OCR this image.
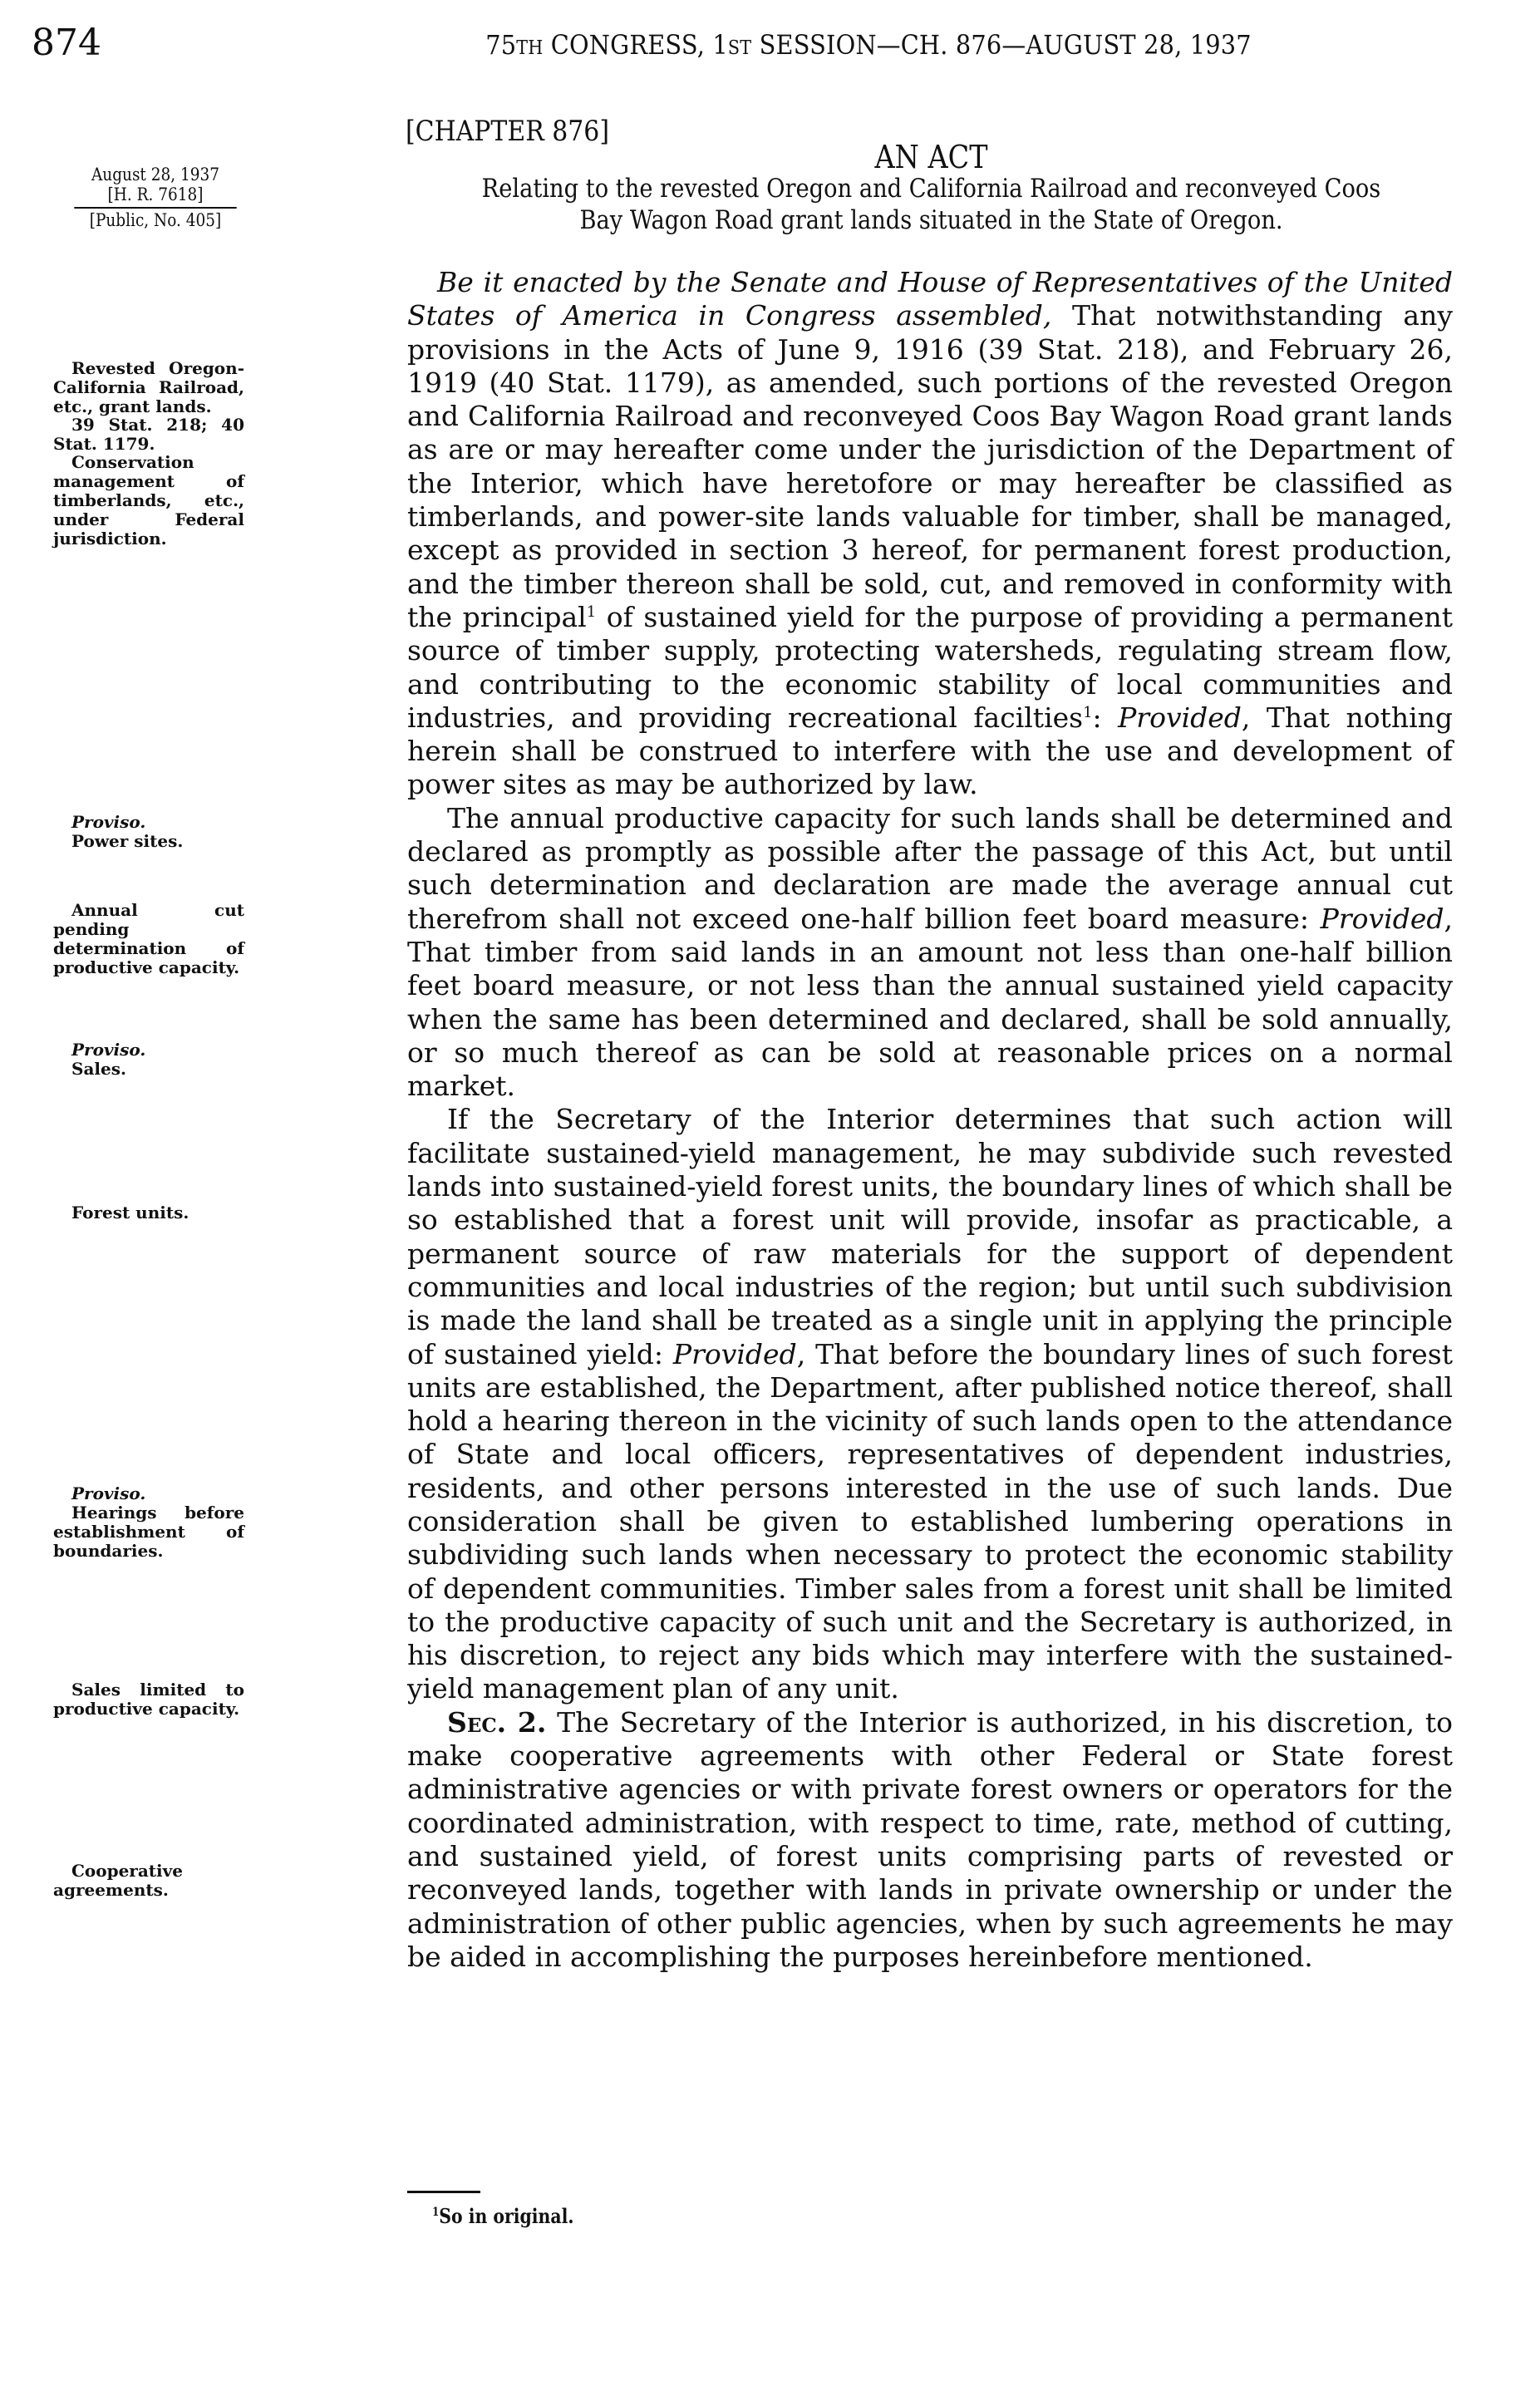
874	75TH CONGRESS, 1ST SESSION—CH. 876—AUGUST 28, 1937
[CHAPTER 876]
AN ACT
Relating to the revested Oregon and California Railroad and reconveyed Coos
Bay Wagon Road grant lands situated in the State of Oregon.
August 28, 1937
[H. R. 7618]
[Public, No. 405]
Revested Oregon-California Railroad, etc., grant lands.
39 Stat. 218; 40 Stat. 1179.
Conservation management of timberlands, etc., under Federal jurisdiction.
Proviso.
Power sites.
Annual cut pending determination of productive capacity.
Proviso.
Sales.
Forest units.
Proviso.
Hearings before establishment of boundaries.
Sales limited to productive capacity.
Cooperative agreements.

Be it enacted by the Senate and House of Representatives of the United States of America in Congress assembled, That notwithstanding any provisions in the Acts of June 9, 1916 (39 Stat. 218), and February 26, 1919 (40 Stat. 1179), as amended, such portions of the revested Oregon and California Railroad and reconveyed Coos Bay Wagon Road grant lands as are or may hereafter come under the jurisdiction of the Department of the Interior, which have heretofore or may hereafter be classified as timberlands, and power-site lands valuable for timber, shall be managed, except as provided in section 3 hereof, for permanent forest production, and the timber thereon shall be sold, cut, and removed in conformity with the principal$^1$ of sustained yield for the purpose of providing a permanent source of timber supply, protecting watersheds, regulating stream flow, and contributing to the economic stability of local communities and industries, and providing recreational facilties$^1$: Provided, That nothing herein shall be construed to interfere with the use and development of power sites as may be authorized by law.

The annual productive capacity for such lands shall be determined and declared as promptly as possible after the passage of this Act, but until such determination and declaration are made the average annual cut therefrom shall not exceed one-half billion feet board measure: Provided, That timber from said lands in an amount not less than one-half billion feet board measure, or not less than the annual sustained yield capacity when the same has been determined and declared, shall be sold annually, or so much thereof as can be sold at reasonable prices on a normal market.

If the Secretary of the Interior determines that such action will facilitate sustained-yield management, he may subdivide such revested lands into sustained-yield forest units, the boundary lines of which shall be so established that a forest unit will provide, insofar as practicable, a permanent source of raw materials for the support of dependent communities and local industries of the region; but until such subdivision is made the land shall be treated as a single unit in applying the principle of sustained yield: Provided, That before the boundary lines of such forest units are established, the Department, after published notice thereof, shall hold a hearing thereon in the vicinity of such lands open to the attendance of State and local officers, representatives of dependent industries, residents, and other persons interested in the use of such lands. Due consideration shall be given to established lumbering operations in subdividing such lands when necessary to protect the economic stability of dependent communities. Timber sales from a forest unit shall be limited to the productive capacity of such unit and the Secretary is authorized, in his discretion, to reject any bids which may interfere with the sustained-yield management plan of any unit.

Sec. 2. The Secretary of the Interior is authorized, in his discretion, to make cooperative agreements with other Federal or State forest administrative agencies or with private forest owners or operators for the coordinated administration, with respect to time, rate, method of cutting, and sustained yield, of forest units comprising parts of revested or reconveyed lands, together with lands in private ownership or under the administration of other public agencies, when by such agreements he may be aided in accomplishing the purposes hereinbefore mentioned.

$^1$So in original.
